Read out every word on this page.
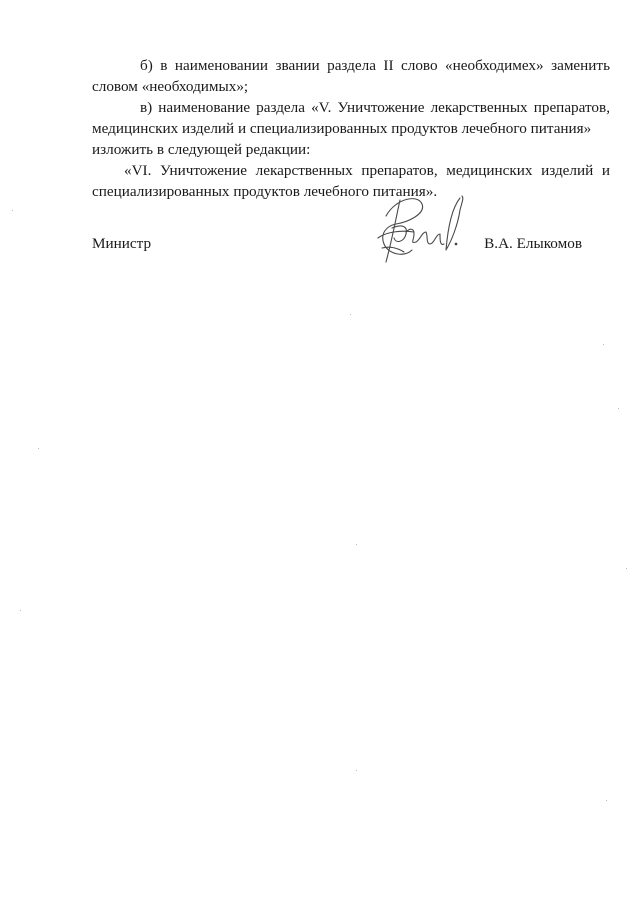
б) в наименовании звании раздела II слово «необходимех» заменить
словом «необходимых»;

в) наименование раздела «V. Уничтожение лекарственных препаратов,
медицинских изделий и специализированных продуктов лечебного питания» изложить в следующей редакции:

«VI. Уничтожение лекарственных препаратов, медицинских изделий и
специализированных продуктов лечебного питания».

Министр	В.А. Елыкомов
